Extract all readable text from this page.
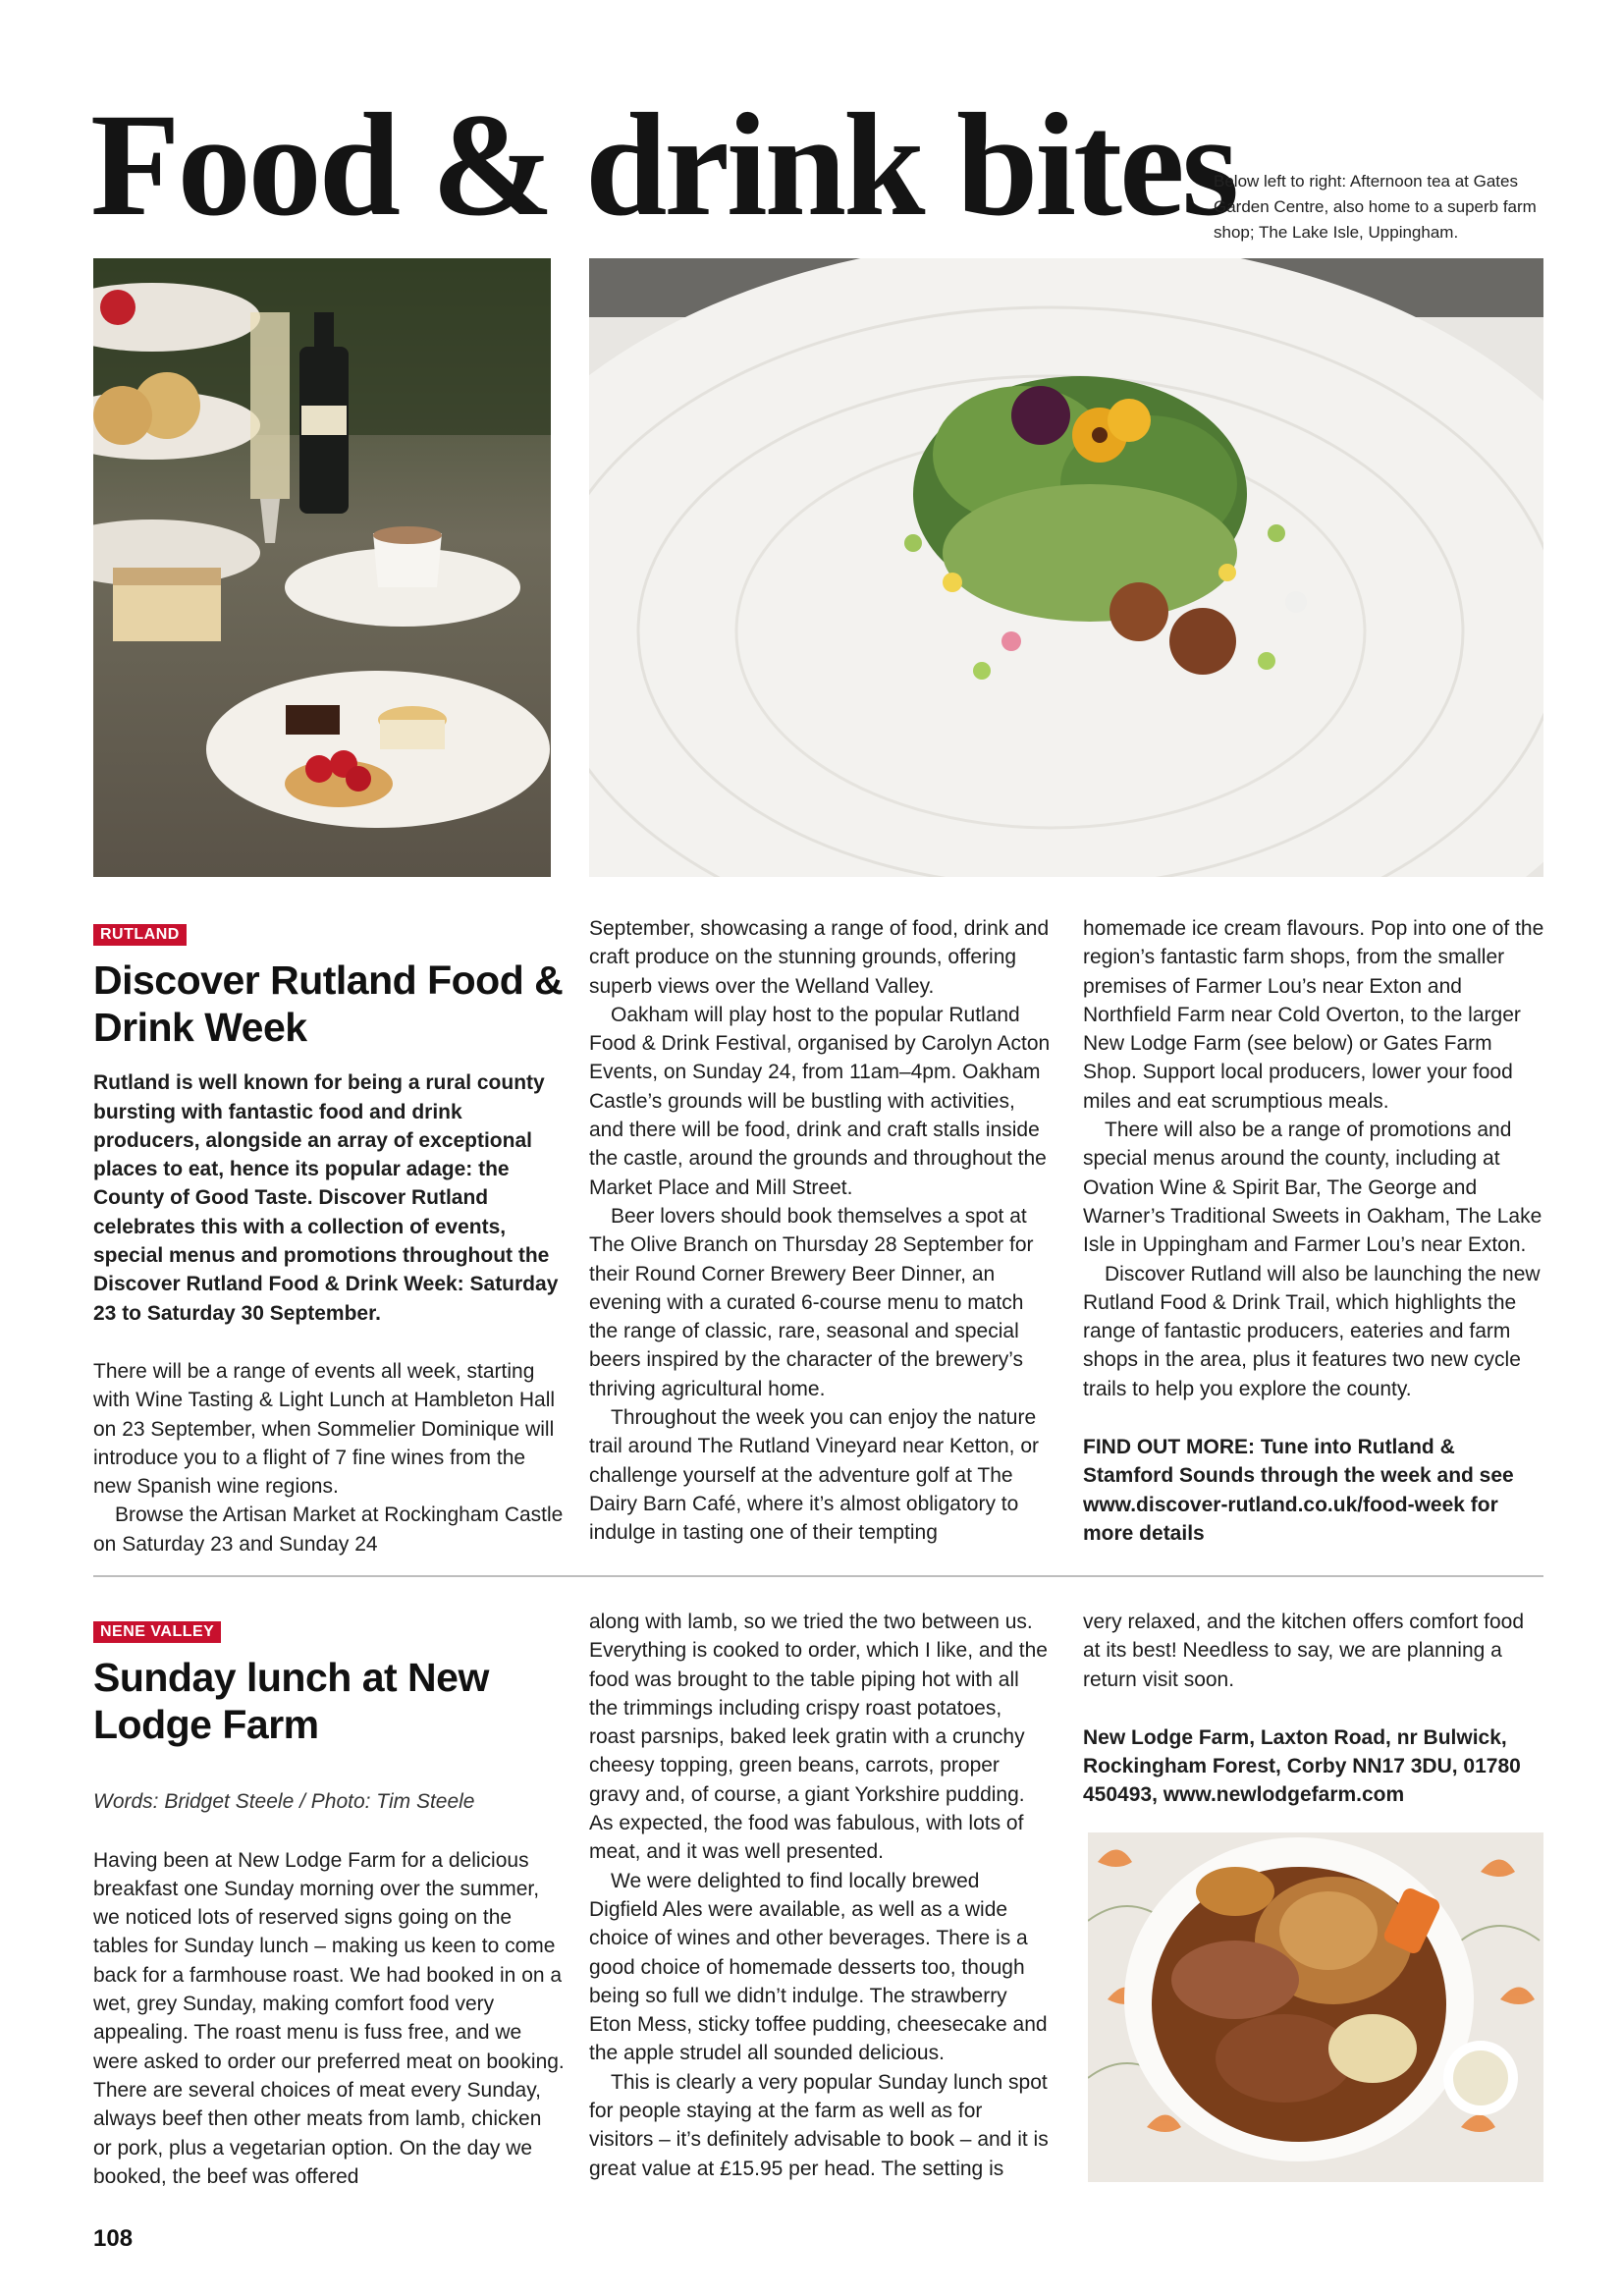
Food & drink bites
Below left to right: Afternoon tea at Gates Garden Centre, also home to a superb farm shop; The Lake Isle, Uppingham.
RUTLAND
Discover Rutland Food & Drink Week

Rutland is well known for being a rural county bursting with fantastic food and drink producers, alongside an array of exceptional places to eat, hence its popular adage: the County of Good Taste. Discover Rutland celebrates this with a collection of events, special menus and promotions throughout the Discover Rutland Food & Drink Week: Saturday 23 to Saturday 30 September.

There will be a range of events all week, starting with Wine Tasting & Light Lunch at Hambleton Hall on 23 September, when Sommelier Dominique will introduce you to a flight of 7 fine wines from the new Spanish wine regions.

Browse the Artisan Market at Rockingham Castle on Saturday 23 and Sunday 24

September, showcasing a range of food, drink and craft produce on the stunning grounds, offering superb views over the Welland Valley.

Oakham will play host to the popular Rutland Food & Drink Festival, organised by Carolyn Acton Events, on Sunday 24, from 11am–4pm. Oakham Castle’s grounds will be bustling with activities, and there will be food, drink and craft stalls inside the castle, around the grounds and throughout the Market Place and Mill Street.

Beer lovers should book themselves a spot at The Olive Branch on Thursday 28 September for their Round Corner Brewery Beer Dinner, an evening with a curated 6-course menu to match the range of classic, rare, seasonal and special beers inspired by the character of the brewery’s thriving agricultural home.

Throughout the week you can enjoy the nature trail around The Rutland Vineyard near Ketton, or challenge yourself at the adventure golf at The Dairy Barn Café, where it’s almost obligatory to indulge in tasting one of their tempting

homemade ice cream flavours. Pop into one of the region’s fantastic farm shops, from the smaller premises of Farmer Lou’s near Exton and Northfield Farm near Cold Overton, to the larger New Lodge Farm (see below) or Gates Farm Shop. Support local producers, lower your food miles and eat scrumptious meals.

There will also be a range of promotions and special menus around the county, including at Ovation Wine & Spirit Bar, The George and Warner’s Traditional Sweets in Oakham, The Lake Isle in Uppingham and Farmer Lou’s near Exton.

Discover Rutland will also be launching the new Rutland Food & Drink Trail, which highlights the range of fantastic producers, eateries and farm shops in the area, plus it features two new cycle trails to help you explore the county.

FIND OUT MORE: Tune into Rutland & Stamford Sounds through the week and see www.discover-rutland.co.uk/food-week for more details

NENE VALLEY
Sunday lunch at New Lodge Farm

Words: Bridget Steele / Photo: Tim Steele

Having been at New Lodge Farm for a delicious breakfast one Sunday morning over the summer, we noticed lots of reserved signs going on the tables for Sunday lunch – making us keen to come back for a farmhouse roast. We had booked in on a wet, grey Sunday, making comfort food very appealing. The roast menu is fuss free, and we were asked to order our preferred meat on booking. There are several choices of meat every Sunday, always beef then other meats from lamb, chicken or pork, plus a vegetarian option. On the day we booked, the beef was offered

along with lamb, so we tried the two between us. Everything is cooked to order, which I like, and the food was brought to the table piping hot with all the trimmings including crispy roast potatoes, roast parsnips, baked leek gratin with a crunchy cheesy topping, green beans, carrots, proper gravy and, of course, a giant Yorkshire pudding. As expected, the food was fabulous, with lots of meat, and it was well presented.

We were delighted to find locally brewed Digfield Ales were available, as well as a wide choice of wines and other beverages. There is a good choice of homemade desserts too, though being so full we didn’t indulge. The strawberry Eton Mess, sticky toffee pudding, cheesecake and the apple strudel all sounded delicious.

This is clearly a very popular Sunday lunch spot for people staying at the farm as well as for visitors – it’s definitely advisable to book – and it is great value at £15.95 per head. The setting is

very relaxed, and the kitchen offers comfort food at its best! Needless to say, we are planning a return visit soon.

New Lodge Farm, Laxton Road, nr Bulwick, Rockingham Forest, Corby NN17 3DU, 01780 450493, www.newlodgefarm.com

108
